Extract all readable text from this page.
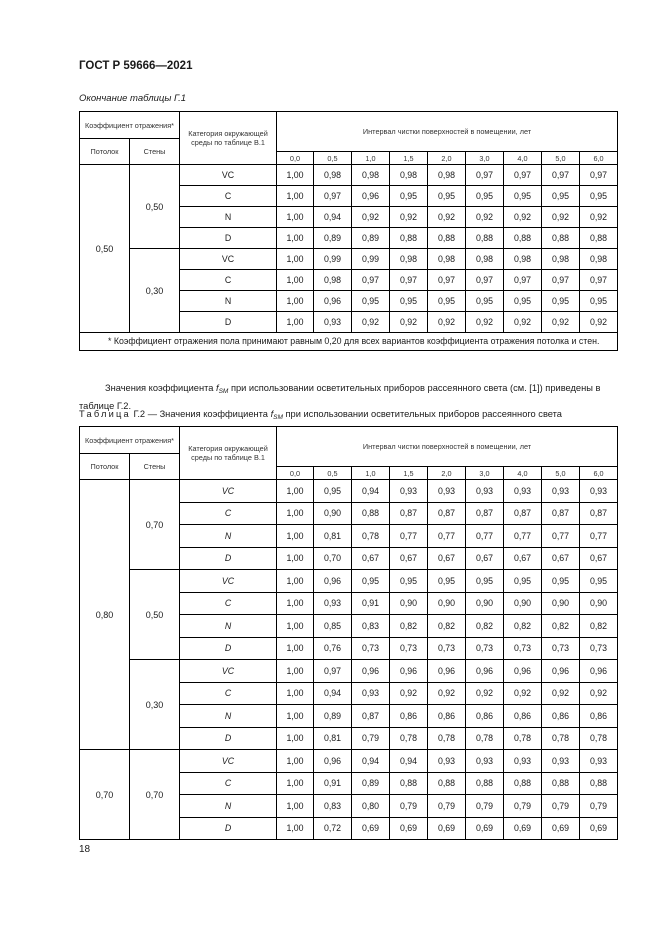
ГОСТ Р 59666—2021
Окончание таблицы Г.1
Коэффициент отражения*		Категория окружающей среды по таблице В.1	Интервал чистки поверхностей в помещении, лет								
Потолок	Стены										
			0,0	0,5	1,0	1,5	2,0	3,0	4,0	5,0	6,0
0,50	0,50	VC	1,00	0,98	0,98	0,98	0,98	0,97	0,97	0,97	0,97
		C	1,00	0,97	0,96	0,95	0,95	0,95	0,95	0,95	0,95
		N	1,00	0,94	0,92	0,92	0,92	0,92	0,92	0,92	0,92
		D	1,00	0,89	0,89	0,88	0,88	0,88	0,88	0,88	0,88
	0,30	VC	1,00	0,99	0,99	0,98	0,98	0,98	0,98	0,98	0,98
		C	1,00	0,98	0,97	0,97	0,97	0,97	0,97	0,97	0,97
		N	1,00	0,96	0,95	0,95	0,95	0,95	0,95	0,95	0,95
		D	1,00	0,93	0,92	0,92	0,92	0,92	0,92	0,92	0,92
* Коэффициент отражения пола принимают равным 0,20 для всех вариантов коэффициента отражения потолка и стен.											

Значения коэффициента $f_{SM}$ при использовании осветительных приборов рассеянного света (см. [1]) приведены в таблице Г.2.

Таблица Г.2 — Значения коэффициента $f_{SM}$ при использовании осветительных приборов рассеянного света
Коэффициент отражения*		Категория окружающей среды по таблице В.1	Интервал чистки поверхностей в помещении, лет								
Потолок	Стены										
			0,0	0,5	1,0	1,5	2,0	3,0	4,0	5,0	6,0
0,80	0,70	VC	1,00	0,95	0,94	0,93	0,93	0,93	0,93	0,93	0,93
		C	1,00	0,90	0,88	0,87	0,87	0,87	0,87	0,87	0,87
		N	1,00	0,81	0,78	0,77	0,77	0,77	0,77	0,77	0,77
		D	1,00	0,70	0,67	0,67	0,67	0,67	0,67	0,67	0,67
	0,50	VC	1,00	0,96	0,95	0,95	0,95	0,95	0,95	0,95	0,95
		C	1,00	0,93	0,91	0,90	0,90	0,90	0,90	0,90	0,90
		N	1,00	0,85	0,83	0,82	0,82	0,82	0,82	0,82	0,82
		D	1,00	0,76	0,73	0,73	0,73	0,73	0,73	0,73	0,73
	0,30	VC	1,00	0,97	0,96	0,96	0,96	0,96	0,96	0,96	0,96
		C	1,00	0,94	0,93	0,92	0,92	0,92	0,92	0,92	0,92
		N	1,00	0,89	0,87	0,86	0,86	0,86	0,86	0,86	0,86
		D	1,00	0,81	0,79	0,78	0,78	0,78	0,78	0,78	0,78
0,70	0,70	VC	1,00	0,96	0,94	0,94	0,93	0,93	0,93	0,93	0,93
		C	1,00	0,91	0,89	0,88	0,88	0,88	0,88	0,88	0,88
		N	1,00	0,83	0,80	0,79	0,79	0,79	0,79	0,79	0,79
		D	1,00	0,72	0,69	0,69	0,69	0,69	0,69	0,69	0,69
18
